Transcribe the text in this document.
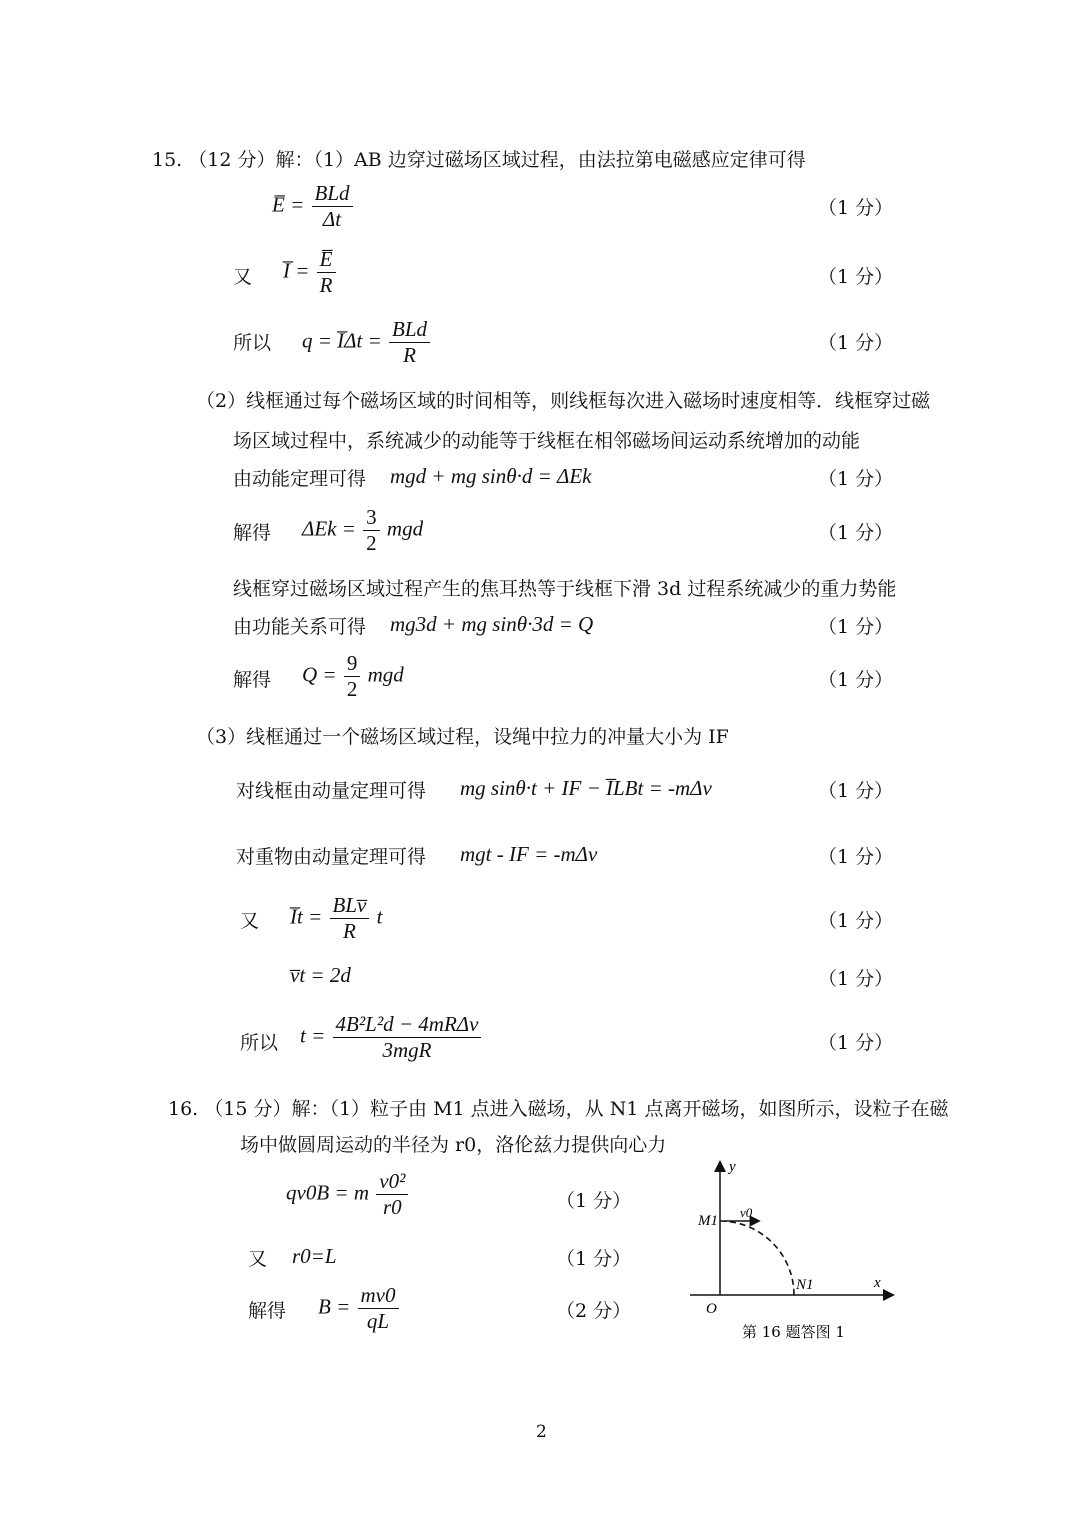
15. （12 分）解：（1）AB 边穿过磁场区域过程，由法拉第电磁感应定律可得
E̅ = $\frac{\text{BLd}}{\Delta t}$	（1 分）
又 I̅ = $\frac{E̅}{R}$	（1 分）
所以 q = I̅Δt = $\frac{\text{BLd}}{R}$	（1 分）
（2）线框通过每个磁场区域的时间相等，则线框每次进入磁场时速度相等．线框穿过磁
场区域过程中，系统减少的动能等于线框在相邻磁场间运动系统增加的动能
由动能定理可得 mgd + mg sinθ·d = ΔEk	（1 分）
解得 $\Delta Ek = \frac{3}{2}$ mgd	（1 分）
线框穿过磁场区域过程产生的焦耳热等于线框下滑 3d 过程系统减少的重力势能
由功能关系可得 mg3d + mg sinθ·3d = Q	（1 分）
解得 $Q = \frac{9}{2}$ mgd	（1 分）
（3）线框通过一个磁场区域过程，设绳中拉力的冲量大小为 IF
对线框由动量定理可得 mg sinθ·t + IF − I̅LBt = -mΔv	（1 分）
对重物由动量定理可得 mgt - IF = -mΔv	（1 分）
又 I̅t = $\frac{\text{BLv̅}}{R}$ t	（1 分）
v̅t = 2d	（1 分）
所以 $t = \frac{\text{4B²L²d − 4mRΔv}}{\text{3mgR}}$	（1 分）
16. （15 分）解：（1）粒子由 M1 点进入磁场，从 N1 点离开磁场，如图所示，设粒子在磁
场中做圆周运动的半径为 r0，洛伦兹力提供向心力
qv0B = m $\frac{\text{v0²}}{r0}$	（1 分）
又 r0=L	（1 分）
解得 $B = \frac{mv0}{qL}$	（2 分）
y
x
O
M1
N1
v0
第 16 题答图 1
2
